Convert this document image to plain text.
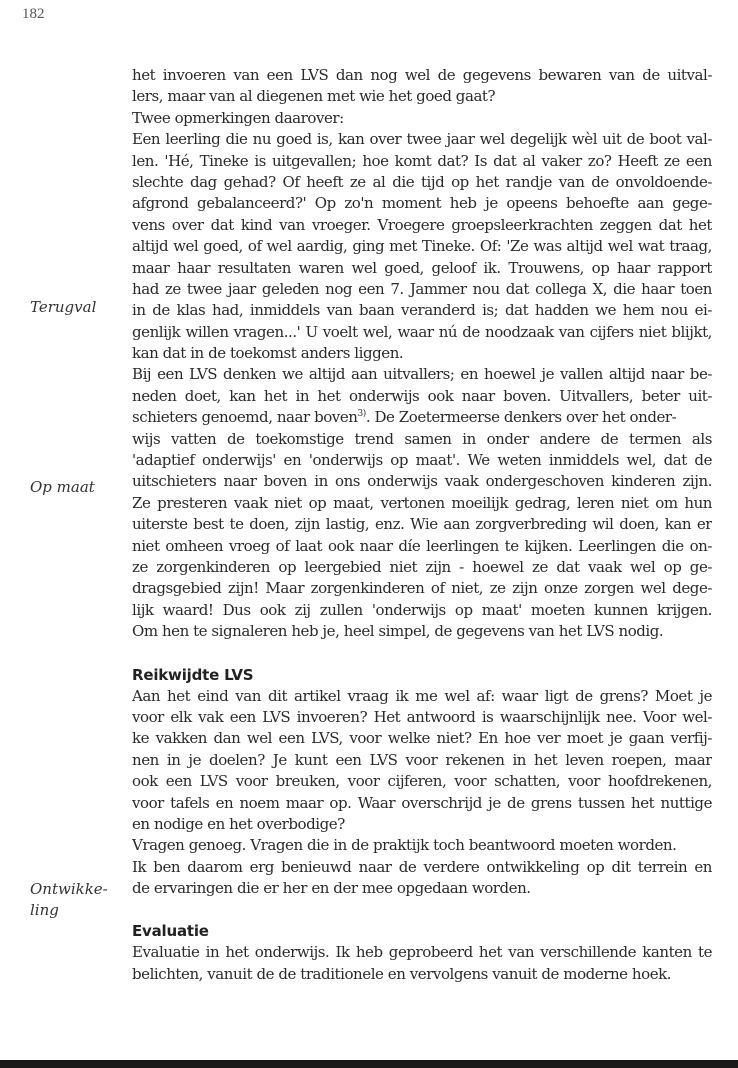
182
Terugval
Op maat
Ontwikke-
ling
het invoeren van een LVS dan nog wel de gegevens bewaren van de uitval-
lers, maar van al diegenen met wie het goed gaat?
Twee opmerkingen daarover:
Een leerling die nu goed is, kan over twee jaar wel degelijk wèl uit de boot val-
len. 'Hé, Tineke is uitgevallen; hoe komt dat? Is dat al vaker zo? Heeft ze een
slechte dag gehad? Of heeft ze al die tijd op het randje van de onvoldoende-
afgrond gebalanceerd?' Op zo'n moment heb je opeens behoefte aan gege-
vens over dat kind van vroeger. Vroegere groepsleerkrachten zeggen dat het
altijd wel goed, of wel aardig, ging met Tineke. Of: 'Ze was altijd wel wat traag,
maar haar resultaten waren wel goed, geloof ik. Trouwens, op haar rapport
had ze twee jaar geleden nog een 7. Jammer nou dat collega X, die haar toen
in de klas had, inmiddels van baan veranderd is; dat hadden we hem nou ei-
genlijk willen vragen...' U voelt wel, waar nú de noodzaak van cijfers niet blijkt,
kan dat in de toekomst anders liggen.
Bij een LVS denken we altijd aan uitvallers; en hoewel je vallen altijd naar be-
neden doet, kan het in het onderwijs ook naar boven. Uitvallers, beter uit-
schieters genoemd, naar boven$^{3)}$. De Zoetermeerse denkers over het onder-
wijs vatten de toekomstige trend samen in onder andere de termen als
'adaptief onderwijs' en 'onderwijs op maat'. We weten inmiddels wel, dat de
uitschieters naar boven in ons onderwijs vaak ondergeschoven kinderen zijn.
Ze presteren vaak niet op maat, vertonen moeilijk gedrag, leren niet om hun
uiterste best te doen, zijn lastig, enz. Wie aan zorgverbreding wil doen, kan er
niet omheen vroeg of laat ook naar díe leerlingen te kijken. Leerlingen die on-
ze zorgenkinderen op leergebied niet zijn - hoewel ze dat vaak wel op ge-
dragsgebied zijn! Maar zorgenkinderen of niet, ze zijn onze zorgen wel dege-
lijk waard! Dus ook zij zullen 'onderwijs op maat' moeten kunnen krijgen.
Om hen te signaleren heb je, heel simpel, de gegevens van het LVS nodig.
Reikwijdte LVS
Aan het eind van dit artikel vraag ik me wel af: waar ligt de grens? Moet je
voor elk vak een LVS invoeren? Het antwoord is waarschijnlijk nee. Voor wel-
ke vakken dan wel een LVS, voor welke niet? En hoe ver moet je gaan verfij-
nen in je doelen? Je kunt een LVS voor rekenen in het leven roepen, maar
ook een LVS voor breuken, voor cijferen, voor schatten, voor hoofdrekenen,
voor tafels en noem maar op. Waar overschrijd je de grens tussen het nuttige
en nodige en het overbodige?
Vragen genoeg. Vragen die in de praktijk toch beantwoord moeten worden.
Ik ben daarom erg benieuwd naar de verdere ontwikkeling op dit terrein en
de ervaringen die er her en der mee opgedaan worden.
Evaluatie
Evaluatie in het onderwijs. Ik heb geprobeerd het van verschillende kanten te
belichten, vanuit de de traditionele en vervolgens vanuit de moderne hoek.
